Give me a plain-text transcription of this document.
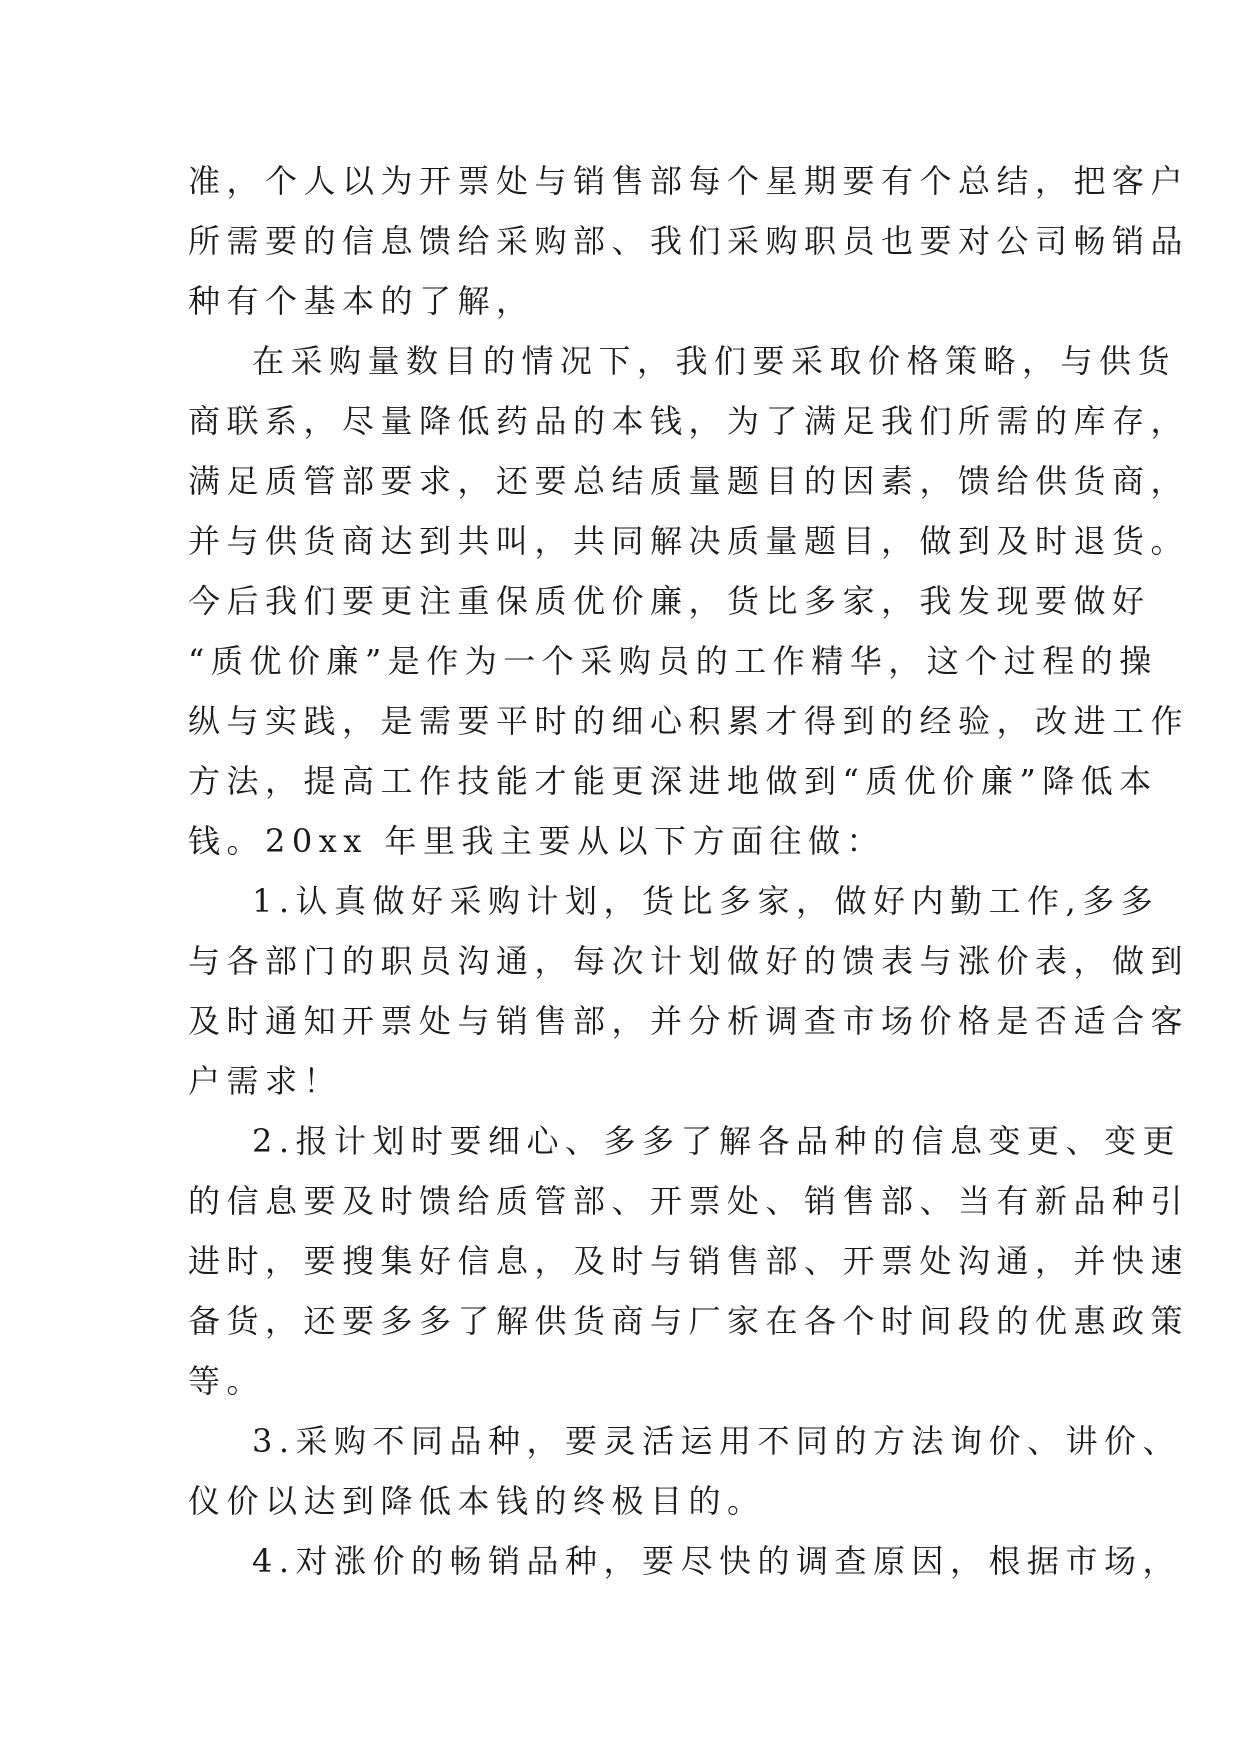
准，个人以为开票处与销售部每个星期要有个总结，把客户
所需要的信息馈给采购部、我们采购职员也要对公司畅销品
种有个基本的了解，
在采购量数目的情况下，我们要采取价格策略，与供货
商联系，尽量降低药品的本钱，为了满足我们所需的库存，
满足质管部要求，还要总结质量题目的因素，馈给供货商，
并与供货商达到共叫，共同解决质量题目，做到及时退货。
今后我们要更注重保质优价廉，货比多家，我发现要做好
“质优价廉”是作为一个采购员的工作精华，这个过程的操
纵与实践，是需要平时的细心积累才得到的经验，改进工作
方法，提高工作技能才能更深进地做到“质优价廉”降低本
钱。20xx 年里我主要从以下方面往做：
1.认真做好采购计划，货比多家，做好内勤工作,多多
与各部门的职员沟通，每次计划做好的馈表与涨价表，做到
及时通知开票处与销售部，并分析调查市场价格是否适合客
户需求！
2.报计划时要细心、多多了解各品种的信息变更、变更
的信息要及时馈给质管部、开票处、销售部、当有新品种引
进时，要搜集好信息，及时与销售部、开票处沟通，并快速
备货，还要多多了解供货商与厂家在各个时间段的优惠政策
等。
3.采购不同品种，要灵活运用不同的方法询价、讲价、
仪价以达到降低本钱的终极目的。
4.对涨价的畅销品种，要尽快的调查原因，根据市场，
